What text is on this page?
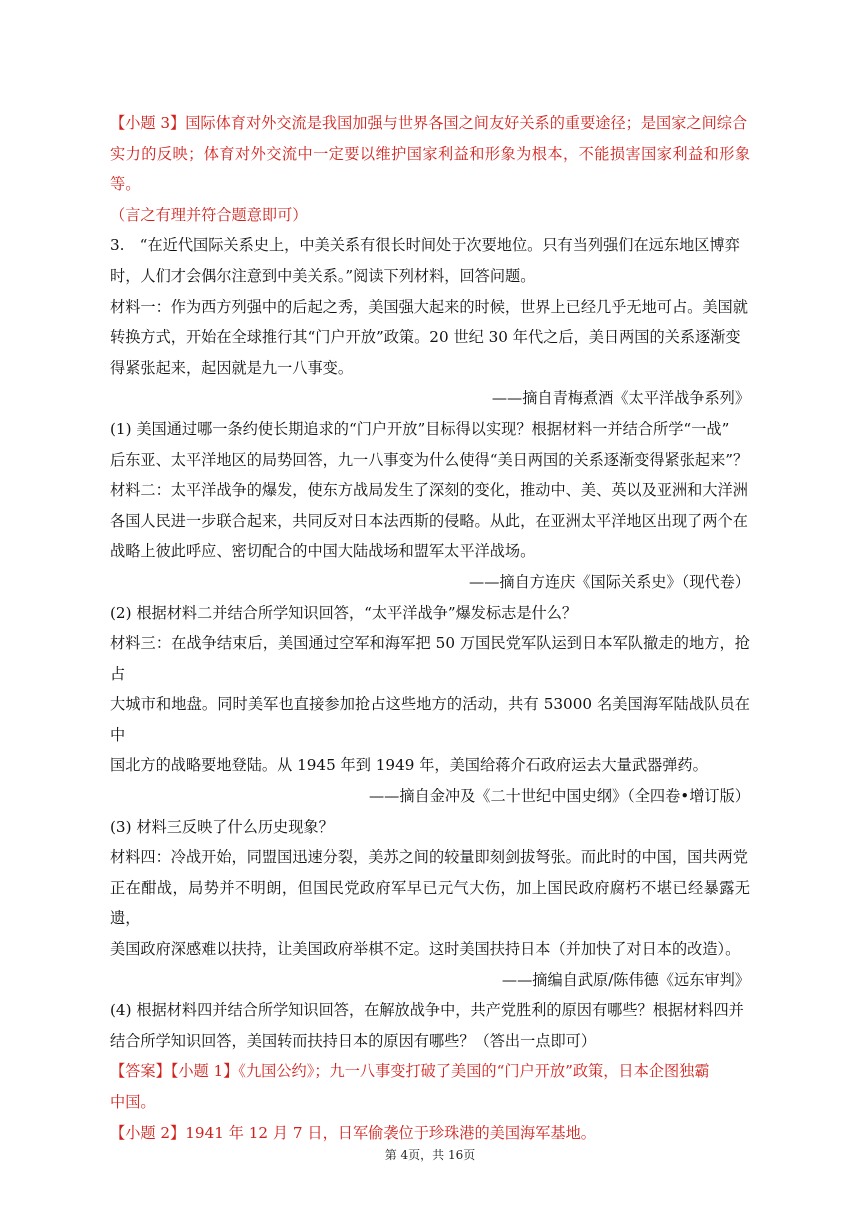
【小题 3】国际体育对外交流是我国加强与世界各国之间友好关系的重要途径；是国家之间综合

实力的反映；体育对外交流中一定要以维护国家利益和形象为根本，不能损害国家利益和形象等。

（言之有理并符合题意即可）

3.　“在近代国际关系史上，中美关系有很长时间处于次要地位。只有当列强们在远东地区博弈

时，人们才会偶尔注意到中美关系。”阅读下列材料，回答问题。

材料一：作为西方列强中的后起之秀，美国强大起来的时候，世界上已经几乎无地可占。美国就

转换方式，开始在全球推行其“门户开放”政策。20 世纪 30 年代之后，美日两国的关系逐渐变

得紧张起来，起因就是九一八事变。

——摘自青梅煮酒《太平洋战争系列》

(1) 美国通过哪一条约使长期追求的“门户开放”目标得以实现？根据材料一并结合所学“一战”

后东亚、太平洋地区的局势回答，九一八事变为什么使得“美日两国的关系逐渐变得紧张起来”？

材料二：太平洋战争的爆发，使东方战局发生了深刻的变化，推动中、美、英以及亚洲和大洋洲

各国人民进一步联合起来，共同反对日本法西斯的侵略。从此，在亚洲太平洋地区出现了两个在

战略上彼此呼应、密切配合的中国大陆战场和盟军太平洋战场。

——摘自方连庆《国际关系史》（现代卷）

(2) 根据材料二并结合所学知识回答，“太平洋战争”爆发标志是什么？

材料三：在战争结束后，美国通过空军和海军把 50 万国民党军队运到日本军队撤走的地方，抢占

大城市和地盘。同时美军也直接参加抢占这些地方的活动，共有 53000 名美国海军陆战队员在中

国北方的战略要地登陆。从 1945 年到 1949 年，美国给蒋介石政府运去大量武器弹药。

——摘自金冲及《二十世纪中国史纲》（全四卷•增订版）

(3) 材料三反映了什么历史现象？

材料四：冷战开始，同盟国迅速分裂，美苏之间的较量即刻剑拔弩张。而此时的中国，国共两党

正在酣战，局势并不明朗，但国民党政府军早已元气大伤，加上国民政府腐朽不堪已经暴露无遗，

美国政府深感难以扶持，让美国政府举棋不定。这时美国扶持日本（并加快了对日本的改造）。

——摘编自武原/陈伟德《远东审判》

(4) 根据材料四并结合所学知识回答，在解放战争中，共产党胜利的原因有哪些？根据材料四并

结合所学知识回答，美国转而扶持日本的原因有哪些？（答出一点即可）

【答案】【小题 1】《九国公约》；九一八事变打破了美国的“门户开放”政策，日本企图独霸

中国。

【小题 2】1941 年 12 月 7 日，日军偷袭位于珍珠港的美国海军基地。

第 4页，共 16页
